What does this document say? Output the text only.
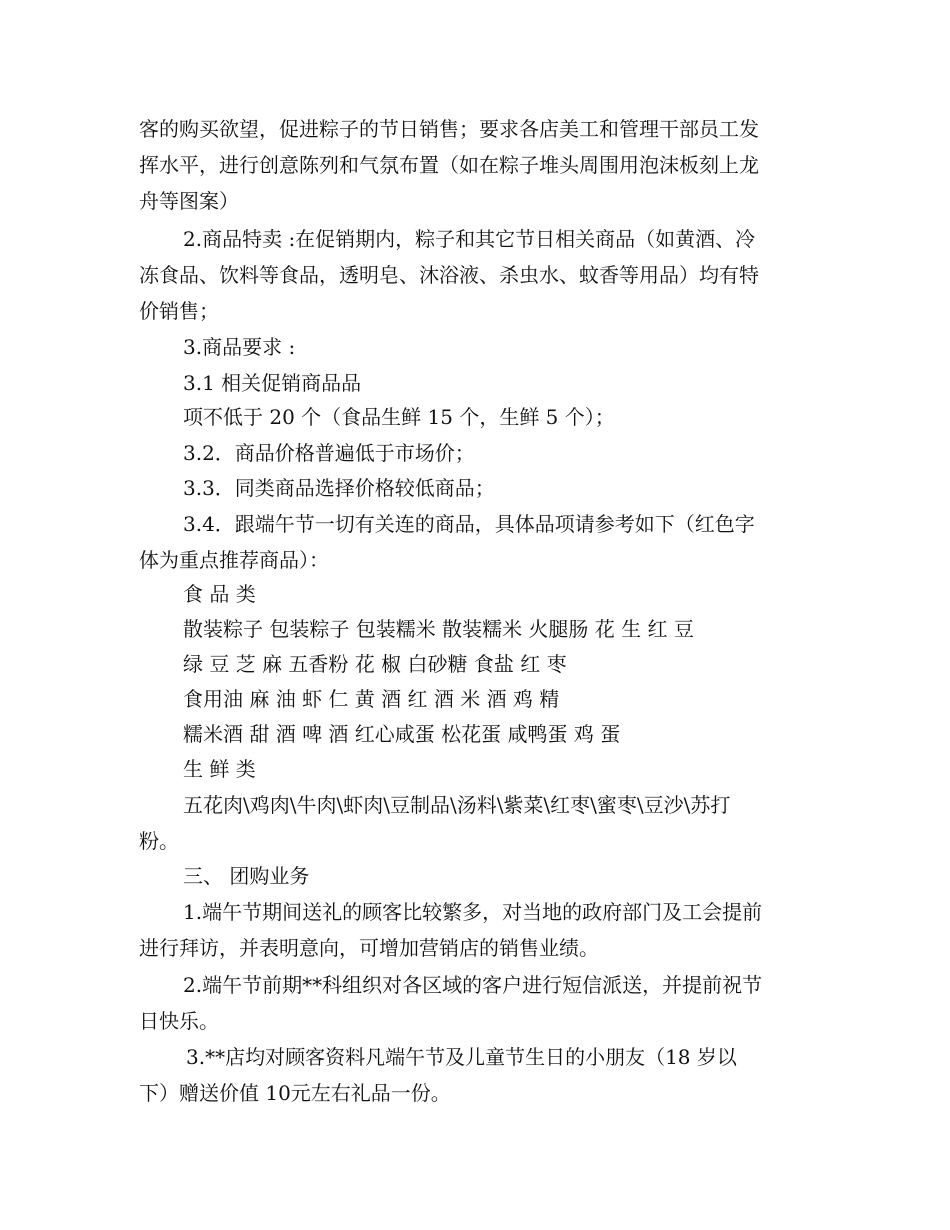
客的购买欲望，促进粽子的节日销售；要求各店美工和管理干部员工发
挥水平，进行创意陈列和气氛布置（如在粽子堆头周围用泡沫板刻上龙
舟等图案）
2.商品特卖 :在促销期内，粽子和其它节日相关商品（如黄酒、冷
冻食品、饮料等食品，透明皂、沐浴液、杀虫水、蚊香等用品）均有特
价销售；
3.商品要求 :
3.1 相关促销商品品
项不低于 20 个（食品生鲜 15 个，生鲜 5 个）；
3.2．商品价格普遍低于市场价；
3.3．同类商品选择价格较低商品；
3.4．跟端午节一切有关连的商品，具体品项请参考如下（红色字
体为重点推荐商品）：
食 品 类
散装粽子 包装粽子 包装糯米 散装糯米 火腿肠 花 生 红 豆
绿 豆 芝 麻 五香粉 花 椒 白砂糖 食盐 红 枣
食用油 麻 油 虾 仁 黄 酒 红 酒 米 酒 鸡 精
糯米酒 甜 酒 啤 酒 红心咸蛋 松花蛋 咸鸭蛋 鸡 蛋
生 鲜 类
五花肉\鸡肉\牛肉\虾肉\豆制品\汤料\紫菜\红枣\蜜枣\豆沙\苏打
粉。
三、 团购业务
1.端午节期间送礼的顾客比较繁多，对当地的政府部门及工会提前
进行拜访，并表明意向，可增加营销店的销售业绩。
2.端午节前期**科组织对各区域的客户进行短信派送，并提前祝节
日快乐。
3.**店均对顾客资料凡端午节及儿童节生日的小朋友（18 岁以
下）赠送价值 10元左右礼品一份。
